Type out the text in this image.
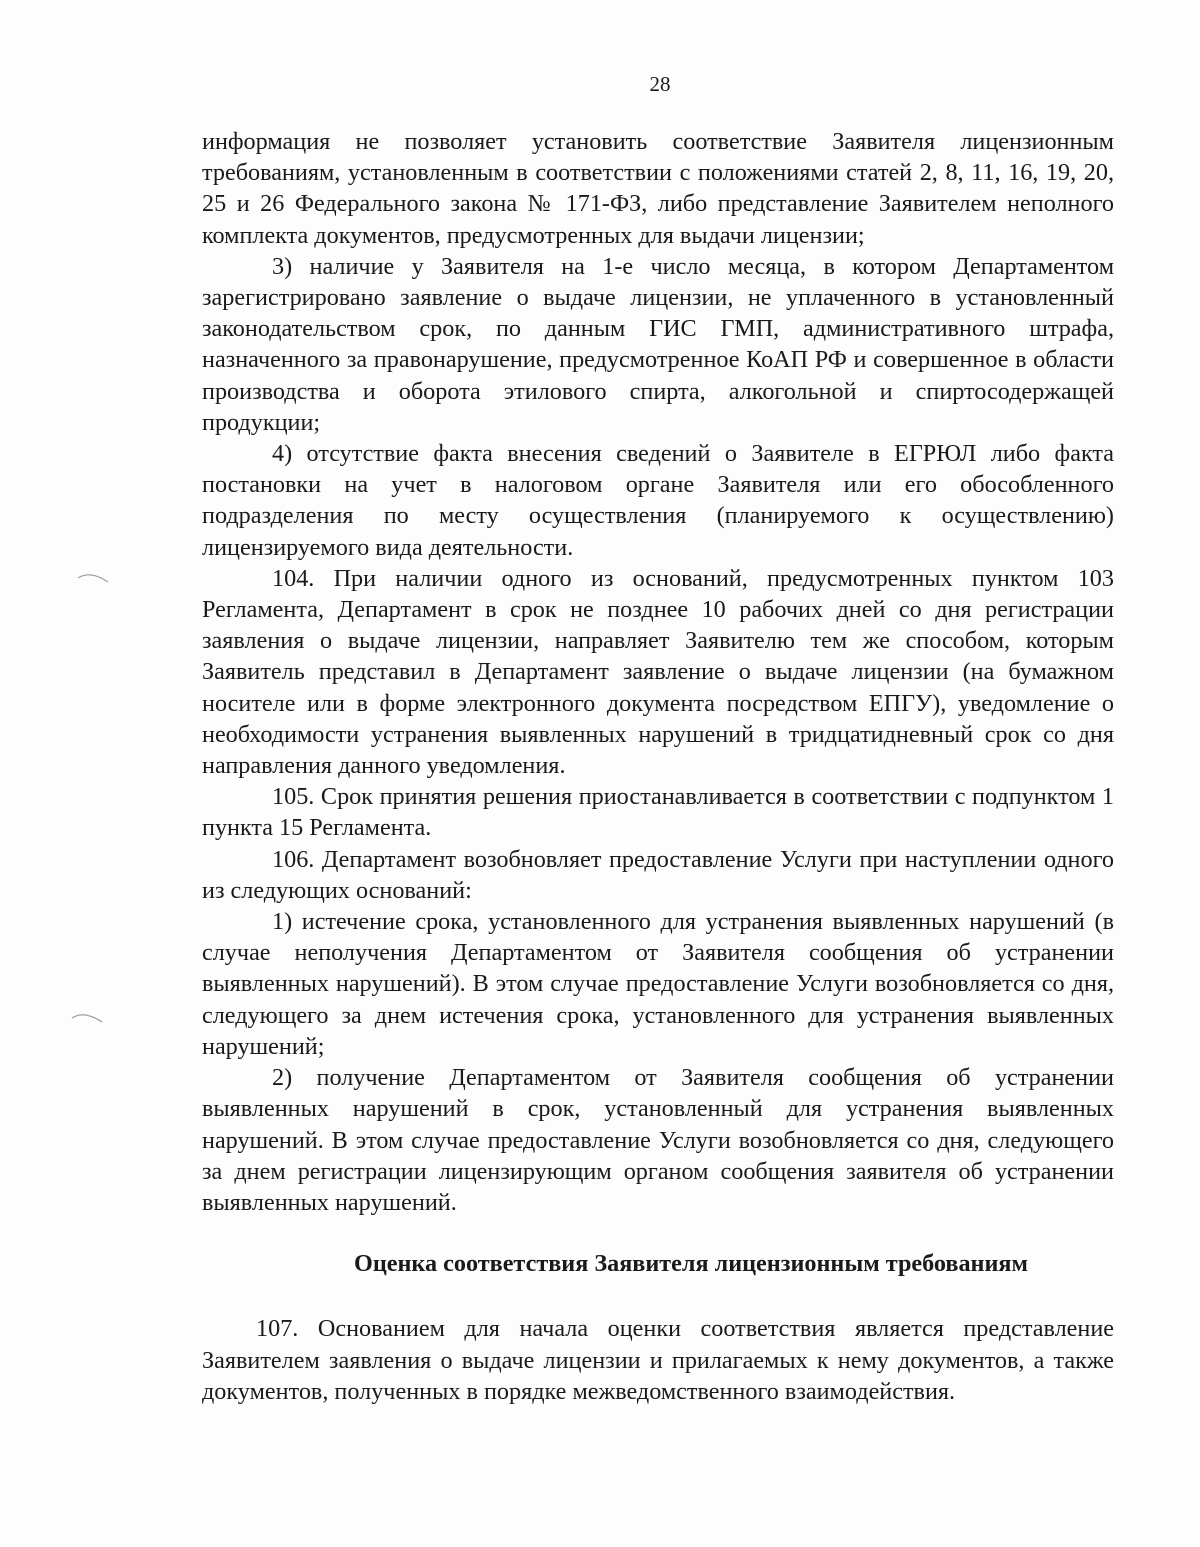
28

информация не позволяет установить соответствие Заявителя лицензионным требованиям, установленным в соответствии с положениями статей 2, 8, 11, 16, 19, 20, 25 и 26 Федерального закона № 171-ФЗ, либо представление Заявителем неполного комплекта документов, предусмотренных для выдачи лицензии;

3) наличие у Заявителя на 1-е число месяца, в котором Департаментом зарегистрировано заявление о выдаче лицензии, не уплаченного в установленный законодательством срок, по данным ГИС ГМП, административного штрафа, назначенного за правонарушение, предусмотренное КоАП РФ и совершенное в области производства и оборота этилового спирта, алкогольной и спиртосодержащей продукции;

4) отсутствие факта внесения сведений о Заявителе в ЕГРЮЛ либо факта постановки на учет в налоговом органе Заявителя или его обособленного подразделения по месту осуществления (планируемого к осуществлению) лицензируемого вида деятельности.

104. При наличии одного из оснований, предусмотренных пунктом 103 Регламента, Департамент в срок не позднее 10 рабочих дней со дня регистрации заявления о выдаче лицензии, направляет Заявителю тем же способом, которым Заявитель представил в Департамент заявление о выдаче лицензии (на бумажном носителе или в форме электронного документа посредством ЕПГУ), уведомление о необходимости устранения выявленных нарушений в тридцатидневный срок со дня направления данного уведомления.

105. Срок принятия решения приостанавливается в соответствии с подпунктом 1 пункта 15 Регламента.

106. Департамент возобновляет предоставление Услуги при наступлении одного из следующих оснований:

1) истечение срока, установленного для устранения выявленных нарушений (в случае неполучения Департаментом от Заявителя сообщения об устранении выявленных нарушений). В этом случае предоставление Услуги возобновляется со дня, следующего за днем истечения срока, установленного для устранения выявленных нарушений;

2) получение Департаментом от Заявителя сообщения об устранении выявленных нарушений в срок, установленный для устранения выявленных нарушений. В этом случае предоставление Услуги возобновляется со дня, следующего за днем регистрации лицензирующим органом сообщения заявителя об устранении выявленных нарушений.

Оценка соответствия Заявителя лицензионным требованиям

107. Основанием для начала оценки соответствия является представление Заявителем заявления о выдаче лицензии и прилагаемых к нему документов, а также документов, полученных в порядке межведомственного взаимодействия.
